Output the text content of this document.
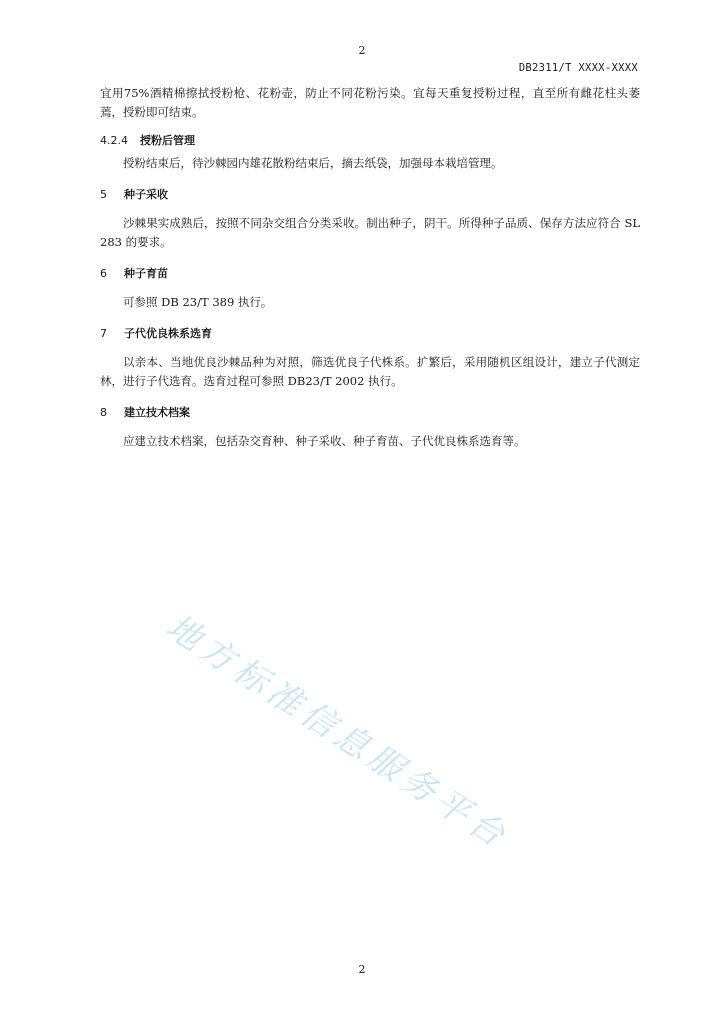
2
DB2311/T XXXX-XXXX

宜用75%酒精棉擦拭授粉枪、花粉壶，防止不同花粉污染。宜每天重复授粉过程，直至所有雌花柱头萎蔫，授粉即可结束。

4.2.4 授粉后管理

授粉结束后，待沙棘园内雄花散粉结束后，摘去纸袋，加强母本栽培管理。

5 种子采收

沙棘果实成熟后，按照不同杂交组合分类采收。制出种子，阴干。所得种子品质、保存方法应符合 SL 283 的要求。

6 种子育苗

可参照 DB 23/T 389 执行。

7 子代优良株系选育

以亲本、当地优良沙棘品种为对照，筛选优良子代株系。扩繁后，采用随机区组设计，建立子代测定林，进行子代选育。选育过程可参照 DB23/T 2002 执行。

8 建立技术档案

应建立技术档案，包括杂交育种、种子采收、种子育苗、子代优良株系选育等。

地方标准信息服务平台
2
